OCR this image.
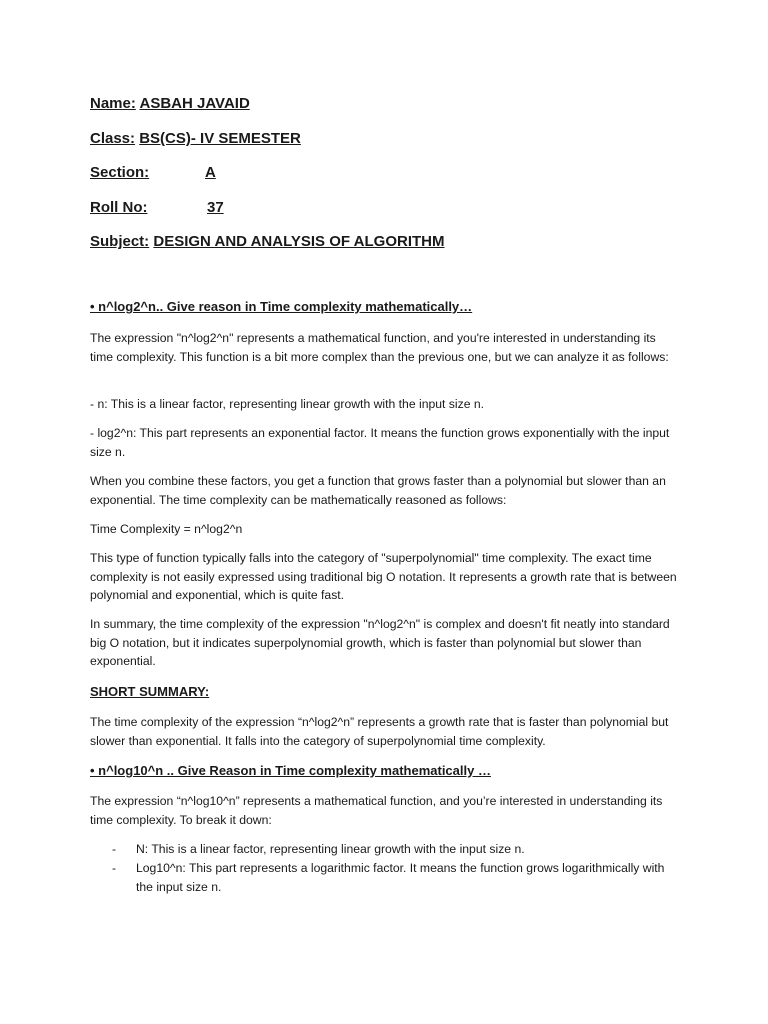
Name: ASBAH JAVAID
Class: BS(CS)- IV SEMESTER
Section:	A
Roll No:	37
Subject: DESIGN AND ANALYSIS OF ALGORITHM
• n^log2^n.. Give reason in Time complexity mathematically…

The expression "n^log2^n" represents a mathematical function, and you're interested in understanding its time complexity. This function is a bit more complex than the previous one, but we can analyze it as follows:

- n: This is a linear factor, representing linear growth with the input size n.

- log2^n: This part represents an exponential factor. It means the function grows exponentially with the input size n.

When you combine these factors, you get a function that grows faster than a polynomial but slower than an exponential. The time complexity can be mathematically reasoned as follows:

Time Complexity = n^log2^n

This type of function typically falls into the category of "superpolynomial" time complexity. The exact time complexity is not easily expressed using traditional big O notation. It represents a growth rate that is between polynomial and exponential, which is quite fast.

In summary, the time complexity of the expression "n^log2^n" is complex and doesn't fit neatly into standard big O notation, but it indicates superpolynomial growth, which is faster than polynomial but slower than exponential.

SHORT SUMMARY:

The time complexity of the expression “n^log2^n” represents a growth rate that is faster than polynomial but slower than exponential. It falls into the category of superpolynomial time complexity.

• n^log10^n .. Give Reason in Time complexity mathematically …

The expression “n^log10^n” represents a mathematical function, and you’re interested in understanding its time complexity. To break it down:

- N: This is a linear factor, representing linear growth with the input size n.
- Log10^n: This part represents a logarithmic factor. It means the function grows logarithmically with the input size n.
